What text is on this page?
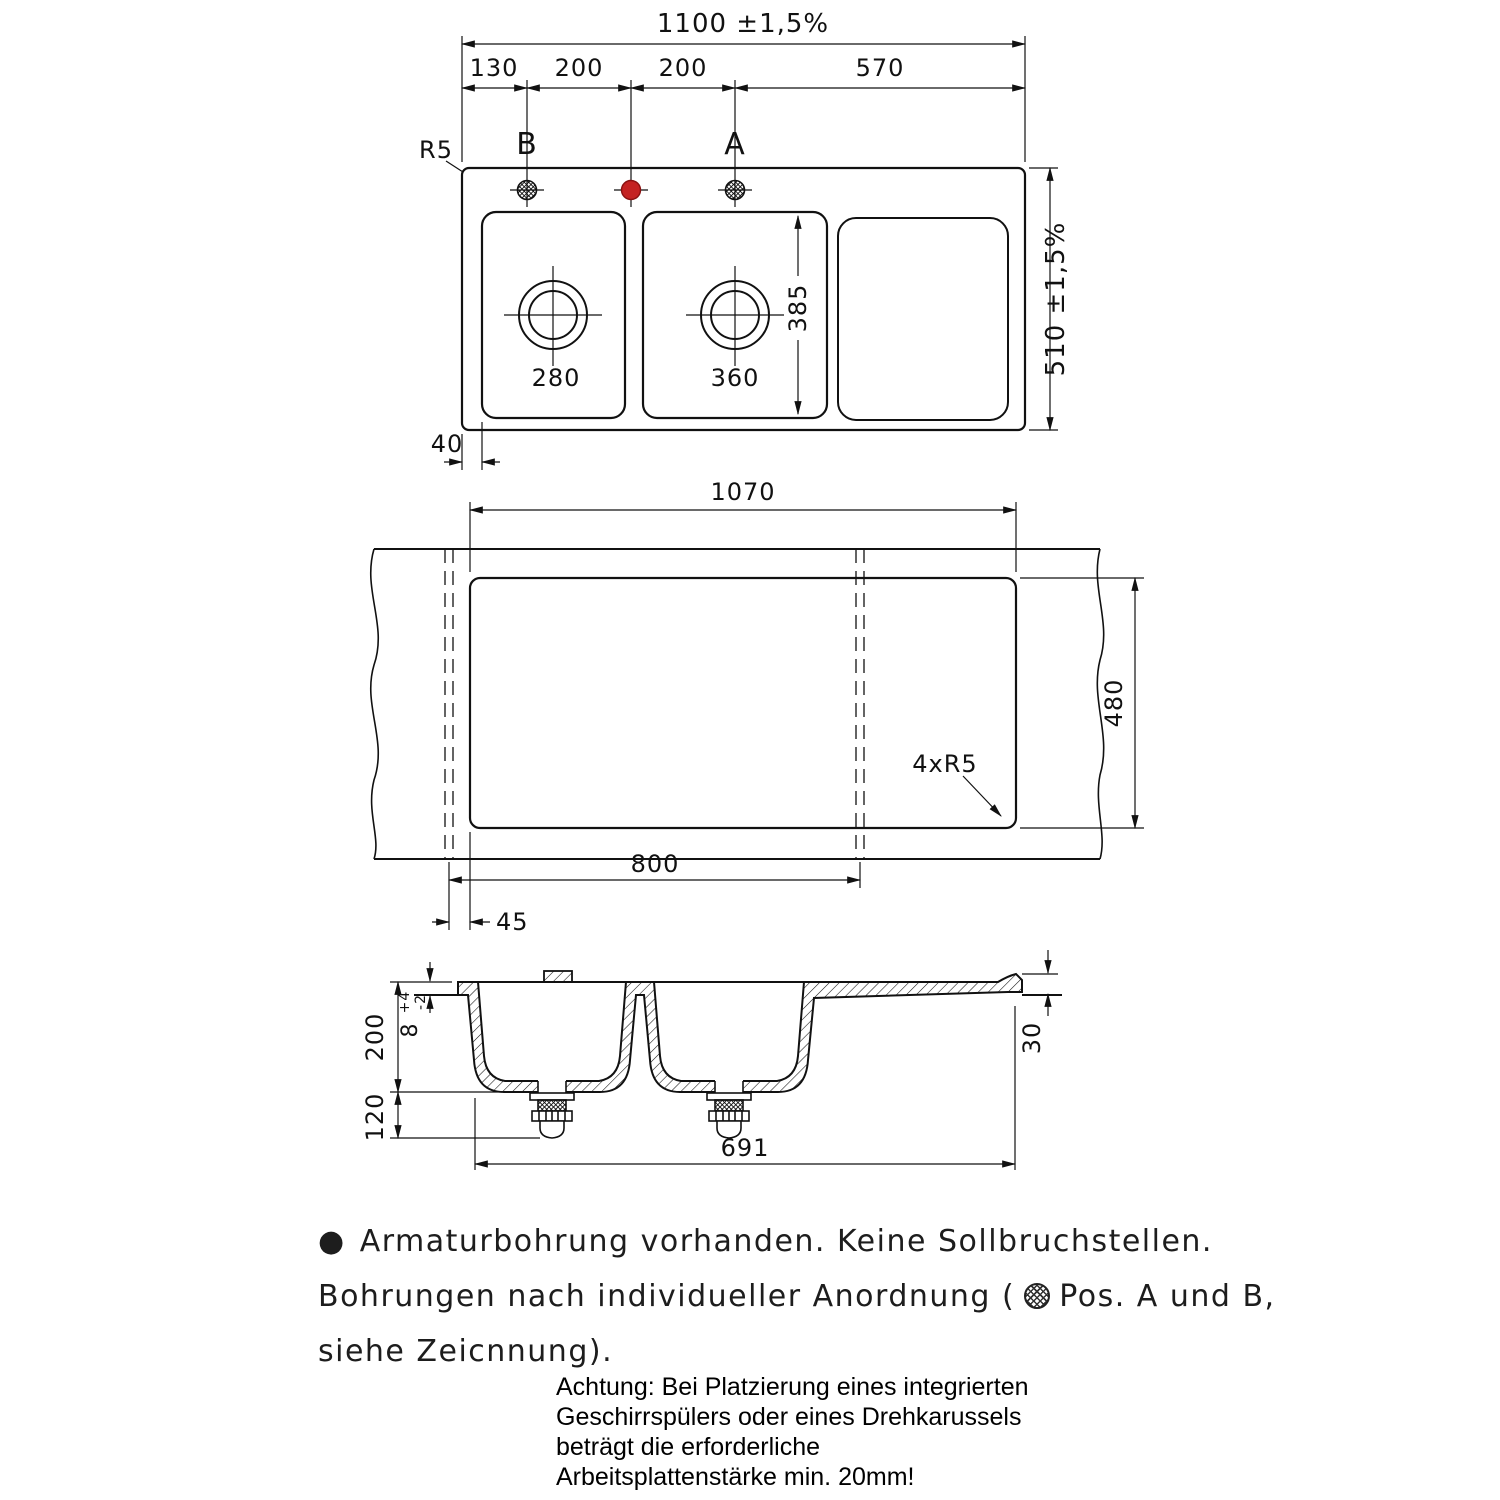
1100 ±1,5%
130 200 200	570
R5 B	A
280	360
385	510 ±1,5%
40
1070
480
4xR5
800
45
200 8
+4 -2
120
30
691
● Armaturbohrung vorhanden. Keine Sollbruchstellen.
Bohrungen nach individueller Anordnung ( Pos. A und B,
siehe Zeicnnung).
Achtung: Bei Platzierung eines integrierten
Geschirrspülers oder eines Drehkarussels
beträgt die erforderliche
Arbeitsplattenstärke min. 20mm!
